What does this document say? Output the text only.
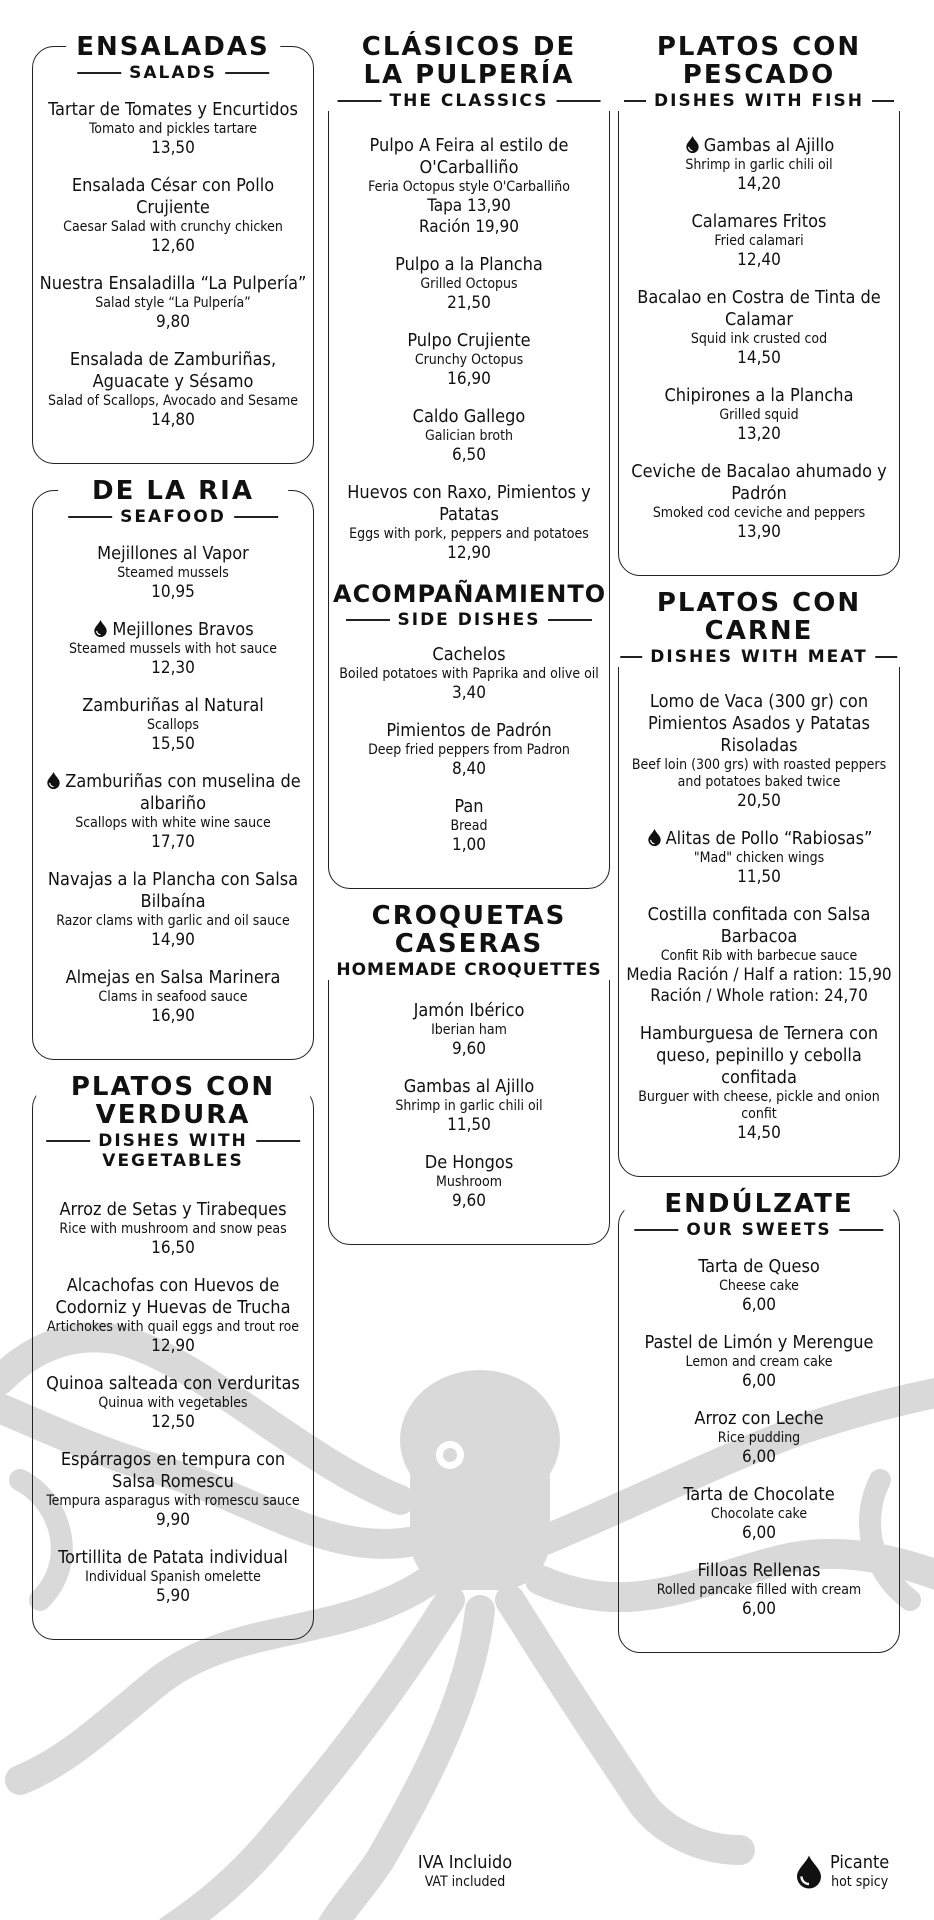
ENSALADAS
SALADS
Tartar de Tomates y Encurtidos
Tomato and pickles tartare
13,50
Ensalada César con Pollo Crujiente
Caesar Salad with crunchy chicken
12,60
Nuestra Ensaladilla “La Pulpería”
Salad style “La Pulpería”
9,80
Ensalada de Zamburiñas, Aguacate y Sésamo
Salad of Scallops, Avocado and Sesame
14,80
DE LA RIA
SEAFOOD
Mejillones al Vapor
Steamed mussels
10,95
Mejillones Bravos
Steamed mussels with hot sauce
12,30
Zamburiñas al Natural
Scallops
15,50
Zamburiñas con muselina de albariño
Scallops with white wine sauce
17,70
Navajas a la Plancha con Salsa Bilbaína
Razor clams with garlic and oil sauce
14,90
Almejas en Salsa Marinera
Clams in seafood sauce
16,90
PLATOS CON
VERDURA
DISHES WITH
VEGETABLES
Arroz de Setas y Tirabeques
Rice with mushroom and snow peas
16,50
Alcachofas con Huevos de Codorniz y Huevas de Trucha
Artichokes with quail eggs and trout roe
12,90
Quinoa salteada con verduritas
Quinua with vegetables
12,50
Espárragos en tempura con Salsa Romescu
Tempura asparagus with romescu sauce
9,90
Tortillita de Patata individual
Individual Spanish omelette
5,90
CLÁSICOS DE
LA PULPERÍA
THE CLASSICS
Pulpo A Feira al estilo de O'Carballiño
Feria Octopus style O'Carballiño
Tapa 13,90
Ración 19,90
Pulpo a la Plancha
Grilled Octopus
21,50
Pulpo Crujiente
Crunchy Octopus
16,90
Caldo Gallego
Galician broth
6,50
Huevos con Raxo, Pimientos y Patatas
Eggs with pork, peppers and potatoes
12,90
ACOMPAÑAMIENTO
SIDE DISHES
Cachelos
Boiled potatoes with Paprika and olive oil
3,40
Pimientos de Padrón
Deep fried peppers from Padron
8,40
Pan
Bread
1,00
CROQUETAS
CASERAS
HOMEMADE CROQUETTES
Jamón Ibérico
Iberian ham
9,60
Gambas al Ajillo
Shrimp in garlic chili oil
11,50
De Hongos
Mushroom
9,60
PLATOS CON
PESCADO
DISHES WITH FISH
Gambas al Ajillo
Shrimp in garlic chili oil
14,20
Calamares Fritos
Fried calamari
12,40
Bacalao en Costra de Tinta de Calamar
Squid ink crusted cod
14,50
Chipirones a la Plancha
Grilled squid
13,20
Ceviche de Bacalao ahumado y Padrón
Smoked cod ceviche and peppers
13,90
PLATOS CON
CARNE
DISHES WITH MEAT
Lomo de Vaca (300 gr) con Pimientos Asados y Patatas Risoladas
Beef loin (300 grs) with roasted peppers and potatoes baked twice
20,50
Alitas de Pollo “Rabiosas”
"Mad" chicken wings
11,50
Costilla confitada con Salsa Barbacoa
Confit Rib with barbecue sauce
Media Ración / Half a ration: 15,90
Ración / Whole ration: 24,70
Hamburguesa de Ternera con queso, pepinillo y cebolla confitada
Burguer with cheese, pickle and onion confit
14,50
ENDÚLZATE
OUR SWEETS
Tarta de Queso
Cheese cake
6,00
Pastel de Limón y Merengue
Lemon and cream cake
6,00
Arroz con Leche
Rice pudding
6,00
Tarta de Chocolate
Chocolate cake
6,00
Filloas Rellenas
Rolled pancake filled with cream
6,00
IVA Incluido
VAT included
Picante
hot spicy
